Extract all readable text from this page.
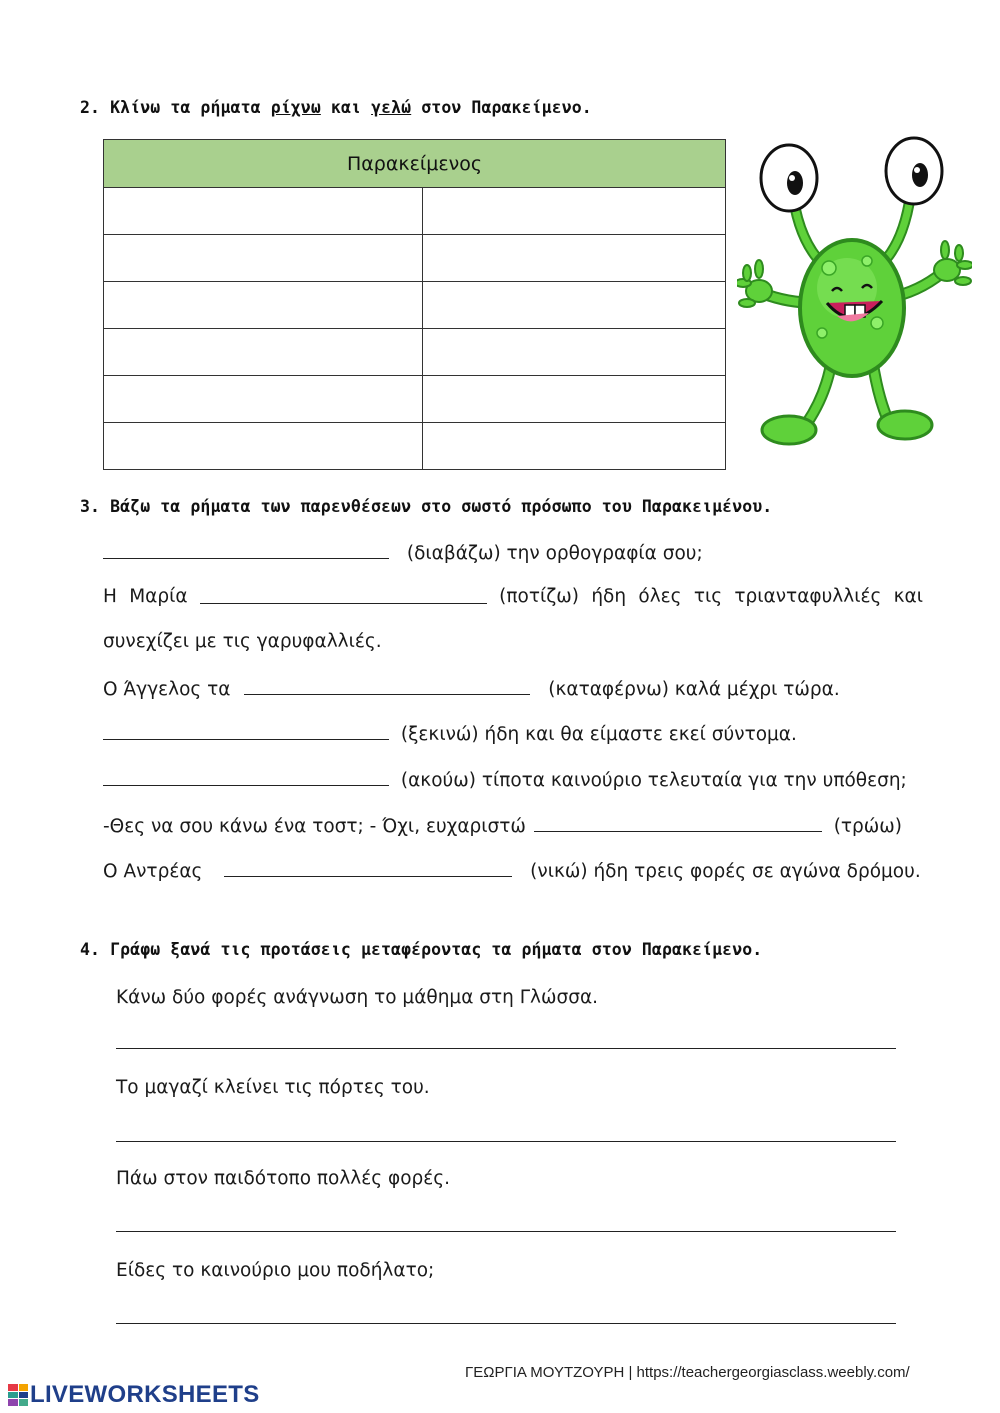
2. Κλίνω τα ρήματα ρίχνω και γελώ στον Παρακείμενο.
Παρακείμενος	

3. Βάζω τα ρήματα των παρενθέσεων στο σωστό πρόσωπο του Παρακειμένου.
(διαβάζω) την ορθογραφία σου;
Η Μαρία	(ποτίζω) ήδη όλες τις τριανταφυλλιές και
συνεχίζει με τις γαρυφαλλιές.
Ο Άγγελος τα	(καταφέρνω) καλά μέχρι τώρα.
(ξεκινώ) ήδη και θα είμαστε εκεί σύντομα.
(ακούω) τίποτα καινούριο τελευταία για την υπόθεση;
-Θες να σου κάνω ένα τοστ; - Όχι, ευχαριστώ	(τρώω)
Ο Αντρέας	(νικώ) ήδη τρεις φορές σε αγώνα δρόμου.
4. Γράφω ξανά τις προτάσεις μεταφέροντας τα ρήματα στον Παρακείμενο.
Κάνω δύο φορές ανάγνωση το μάθημα στη Γλώσσα.
Το μαγαζί κλείνει τις πόρτες του.
Πάω στον παιδότοπο πολλές φορές.
Είδες το καινούριο μου ποδήλατο;
ΓΕΩΡΓΙΑ ΜΟΥΤΖΟΥΡΗ | https://teachergeorgiasclass.weebly.com/
LIVEWORKSHEETS
